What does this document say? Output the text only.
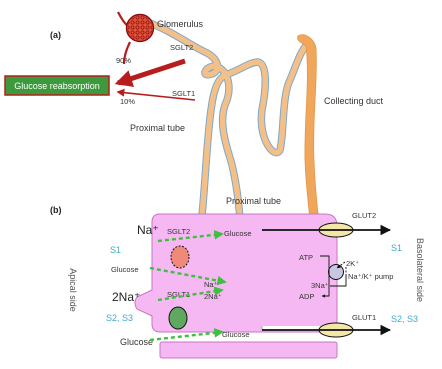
(a)
Glomerulus
SGLT2
SGLT1
90%
10%
Glucose reabsorption
Proximal tube
Collecting duct
(b)
Proximal tube
Apical side	Basolateral side
Na⁺
2Na⁺
S1
S2, S3
Glucose
Glucose
SGLT2
SGLT1
Glucose
Glucose
Na⁺
2Na⁺
GLUT2
GLUT1
ATP
ADP
2K⁺
3Na⁺
Na⁺/K⁺ pump
S1
S2, S3
